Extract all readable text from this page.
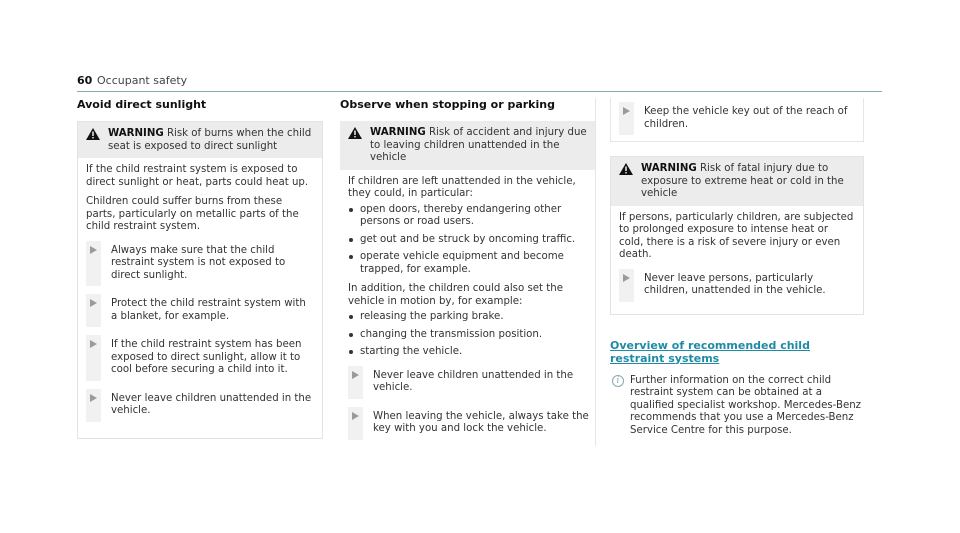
60 Occupant safety
Avoid direct sunlight
WARNING Risk of burns when the child seat is exposed to direct sunlight

If the child restraint system is exposed to direct sunlight or heat, parts could heat up.

Children could suffer burns from these parts, particularly on metallic parts of the child restraint system.

Always make sure that the child restraint system is not exposed to direct sunlight.
Protect the child restraint system with a blanket, for example.
If the child restraint system has been exposed to direct sunlight, allow it to cool before securing a child into it.
Never leave children unattended in the vehicle.
Observe when stopping or parking
WARNING Risk of accident and injury due to leaving children unattended in the vehicle

If children are left unattended in the vehicle, they could, in particular:

open doors, thereby endangering other persons or road users.
get out and be struck by oncoming traffic.
operate vehicle equipment and become trapped, for example.

In addition, the children could also set the vehicle in motion by, for example:

releasing the parking brake.
changing the transmission position.
starting the vehicle.
Never leave children unattended in the vehicle.
When leaving the vehicle, always take the key with you and lock the vehicle.
Keep the vehicle key out of the reach of children.
WARNING Risk of fatal injury due to exposure to extreme heat or cold in the vehicle

If persons, particularly children, are subjected to prolonged exposure to intense heat or cold, there is a risk of severe injury or even death.

Never leave persons, particularly children, unattended in the vehicle.
Overview of recommended child restraint systems
i	Further information on the correct child restraint system can be obtained at a qualified specialist workshop. Mercedes-Benz recommends that you use a Mercedes-Benz Service Centre for this purpose.
